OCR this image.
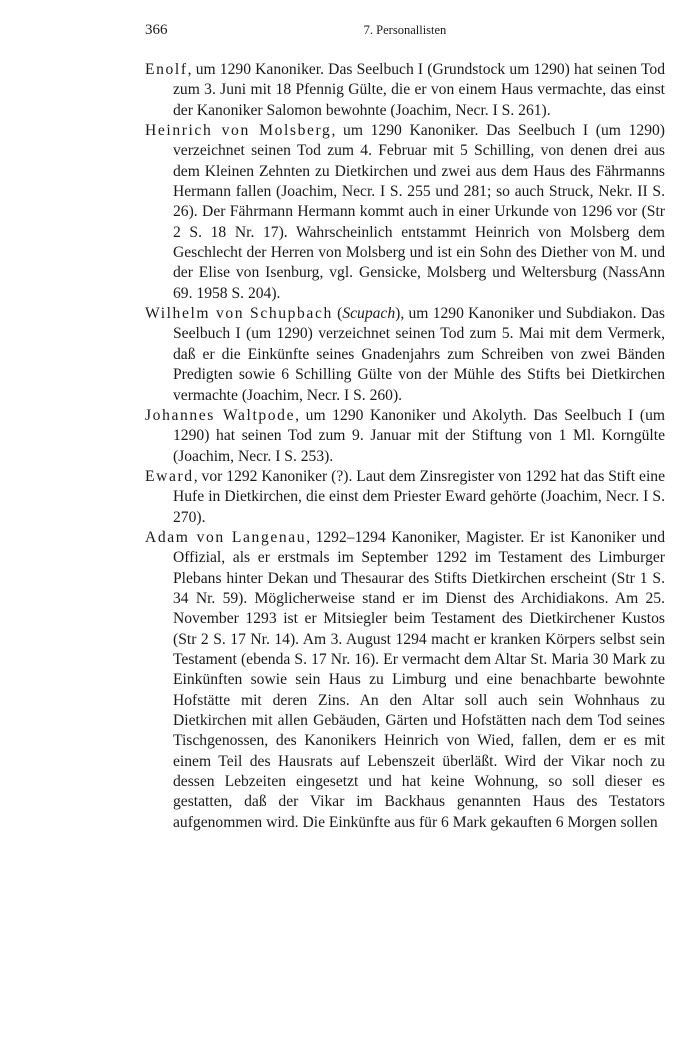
366	7. Personallisten

Enolf, um 1290 Kanoniker. Das Seelbuch I (Grundstock um 1290) hat seinen Tod zum 3. Juni mit 18 Pfennig Gülte, die er von einem Haus vermachte, das einst der Kanoniker Salomon bewohnte (Joachim, Necr. I S. 261).

Heinrich von Molsberg, um 1290 Kanoniker. Das Seelbuch I (um 1290) verzeichnet seinen Tod zum 4. Februar mit 5 Schilling, von denen drei aus dem Kleinen Zehnten zu Dietkirchen und zwei aus dem Haus des Fährmanns Hermann fallen (Joachim, Necr. I S. 255 und 281; so auch Struck, Nekr. II S. 26). Der Fährmann Hermann kommt auch in einer Urkunde von 1296 vor (Str 2 S. 18 Nr. 17). Wahrscheinlich entstammt Heinrich von Molsberg dem Geschlecht der Herren von Molsberg und ist ein Sohn des Diether von M. und der Elise von Isenburg, vgl. Gensicke, Molsberg und Weltersburg (NassAnn 69. 1958 S. 204).

Wilhelm von Schupbach (Scupach), um 1290 Kanoniker und Subdiakon. Das Seelbuch I (um 1290) verzeichnet seinen Tod zum 5. Mai mit dem Vermerk, daß er die Einkünfte seines Gnadenjahrs zum Schreiben von zwei Bänden Predigten sowie 6 Schilling Gülte von der Mühle des Stifts bei Dietkirchen vermachte (Joachim, Necr. I S. 260).

Johannes Waltpode, um 1290 Kanoniker und Akolyth. Das Seelbuch I (um 1290) hat seinen Tod zum 9. Januar mit der Stiftung von 1 Ml. Korngülte (Joachim, Necr. I S. 253).

Eward, vor 1292 Kanoniker (?). Laut dem Zinsregister von 1292 hat das Stift eine Hufe in Dietkirchen, die einst dem Priester Eward gehörte (Joachim, Necr. I S. 270).

Adam von Langenau, 1292–1294 Kanoniker, Magister. Er ist Kanoniker und Offizial, als er erstmals im September 1292 im Testament des Limburger Plebans hinter Dekan und Thesaurar des Stifts Dietkirchen erscheint (Str 1 S. 34 Nr. 59). Möglicherweise stand er im Dienst des Archidiakons. Am 25. November 1293 ist er Mitsiegler beim Testament des Dietkirchener Kustos (Str 2 S. 17 Nr. 14). Am 3. August 1294 macht er kranken Körpers selbst sein Testament (ebenda S. 17 Nr. 16). Er vermacht dem Altar St. Maria 30 Mark zu Einkünften sowie sein Haus zu Limburg und eine benachbarte bewohnte Hofstätte mit deren Zins. An den Altar soll auch sein Wohnhaus zu Dietkirchen mit allen Gebäuden, Gärten und Hofstätten nach dem Tod seines Tischgenossen, des Kanonikers Heinrich von Wied, fallen, dem er es mit einem Teil des Hausrats auf Lebenszeit überläßt. Wird der Vikar noch zu dessen Lebzeiten eingesetzt und hat keine Wohnung, so soll dieser es gestatten, daß der Vikar im Backhaus genannten Haus des Testators aufgenommen wird. Die Einkünfte aus für 6 Mark gekauften 6 Morgen sollen
